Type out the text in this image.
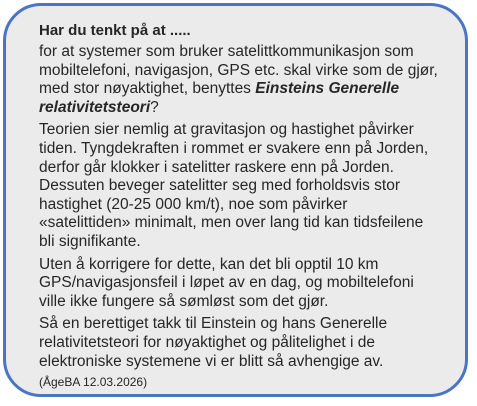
Har du tenkt på at .....
for at systemer som bruker satelittkommunikasjon som mobiltelefoni, navigasjon, GPS etc. skal virke som de gjør, med stor nøyaktighet, benyttes Einsteins Generelle relativitetsteori?
Teorien sier nemlig at gravitasjon og hastighet påvirker tiden. Tyngdekraften i rommet er svakere enn på Jorden, derfor går klokker i satelitter raskere enn på Jorden. Dessuten beveger satelitter seg med forholdsvis stor hastighet (20-25 000 km/t), noe som påvirker «satelittiden» minimalt, men over lang tid kan tidsfeilene bli signifikante.
Uten å korrigere for dette, kan det bli opptil 10 km GPS/navigasjonsfeil i løpet av en dag, og mobiltelefoni ville ikke fungere så sømløst som det gjør.
Så en berettiget takk til Einstein og hans Generelle relativitetsteori for nøyaktighet og pålitelighet i de elektroniske systemene vi er blitt så avhengige av.
(ÅgeBA 12.03.2026)
